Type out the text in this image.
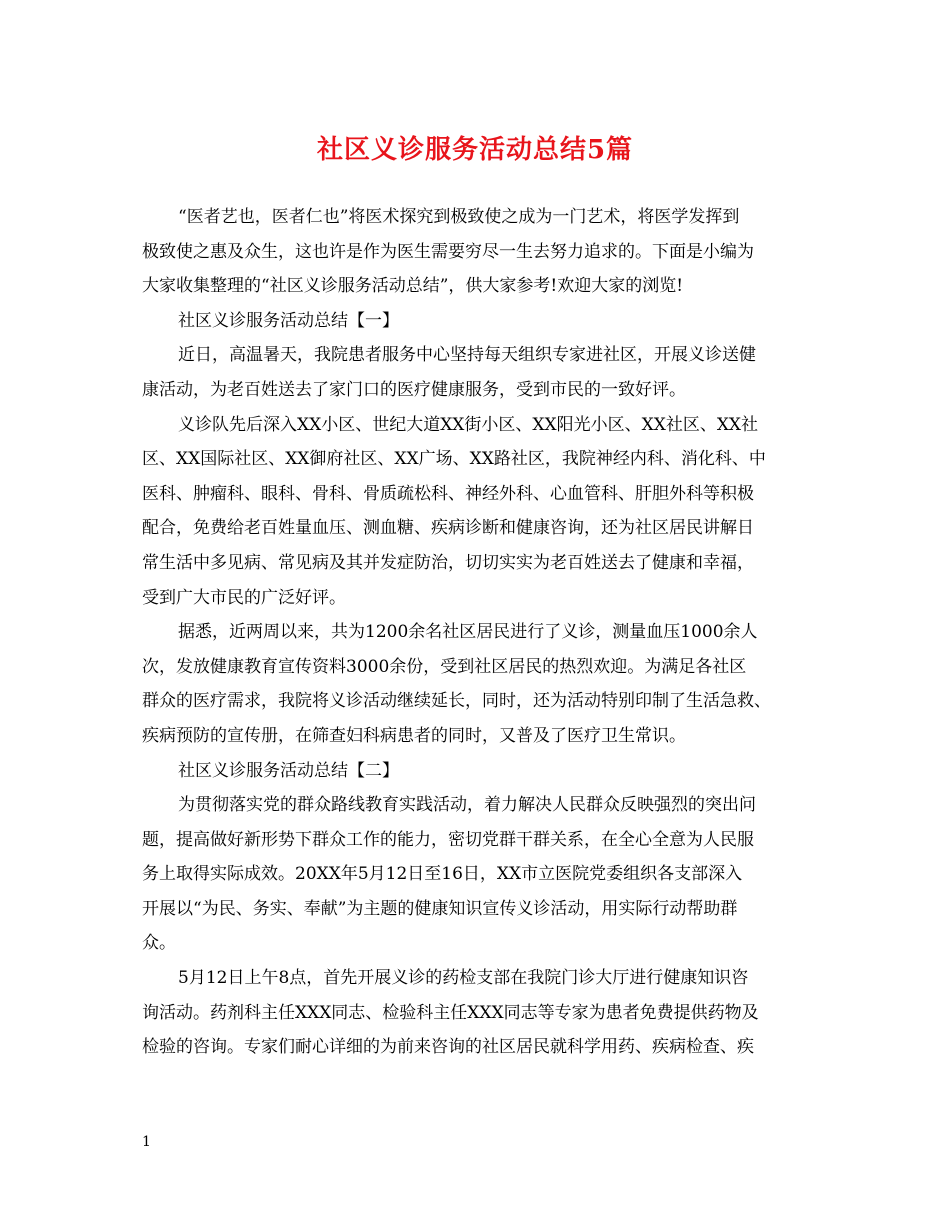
社区义诊服务活动总结5篇
“医者艺也，医者仁也”将医术探究到极致使之成为一门艺术，将医学发挥到
极致使之惠及众生，这也许是作为医生需要穷尽一生去努力追求的。下面是小编为
大家收集整理的“社区义诊服务活动总结”，供大家参考!欢迎大家的浏览!
社区义诊服务活动总结【一】
近日，高温暑天，我院患者服务中心坚持每天组织专家进社区，开展义诊送健
康活动，为老百姓送去了家门口的医疗健康服务，受到市民的一致好评。
义诊队先后深入XX小区、世纪大道XX街小区、XX阳光小区、XX社区、XX社
区、XX国际社区、XX御府社区、XX广场、XX路社区，我院神经内科、消化科、中
医科、肿瘤科、眼科、骨科、骨质疏松科、神经外科、心血管科、肝胆外科等积极
配合，免费给老百姓量血压、测血糖、疾病诊断和健康咨询，还为社区居民讲解日
常生活中多见病、常见病及其并发症防治，切切实实为老百姓送去了健康和幸福，
受到广大市民的广泛好评。
据悉，近两周以来，共为1200余名社区居民进行了义诊，测量血压1000余人
次，发放健康教育宣传资料3000余份，受到社区居民的热烈欢迎。为满足各社区
群众的医疗需求，我院将义诊活动继续延长，同时，还为活动特别印制了生活急救、
疾病预防的宣传册，在筛查妇科病患者的同时，又普及了医疗卫生常识。
社区义诊服务活动总结【二】
为贯彻落实党的群众路线教育实践活动，着力解决人民群众反映强烈的突出问
题，提高做好新形势下群众工作的能力，密切党群干群关系，在全心全意为人民服
务上取得实际成效。20XX年5月12日至16日，XX市立医院党委组织各支部深入
开展以“为民、务实、奉献”为主题的健康知识宣传义诊活动，用实际行动帮助群
众。
5月12日上午8点，首先开展义诊的药检支部在我院门诊大厅进行健康知识咨
询活动。药剂科主任XXX同志、检验科主任XXX同志等专家为患者免费提供药物及
检验的咨询。专家们耐心详细的为前来咨询的社区居民就科学用药、疾病检查、疾
1
